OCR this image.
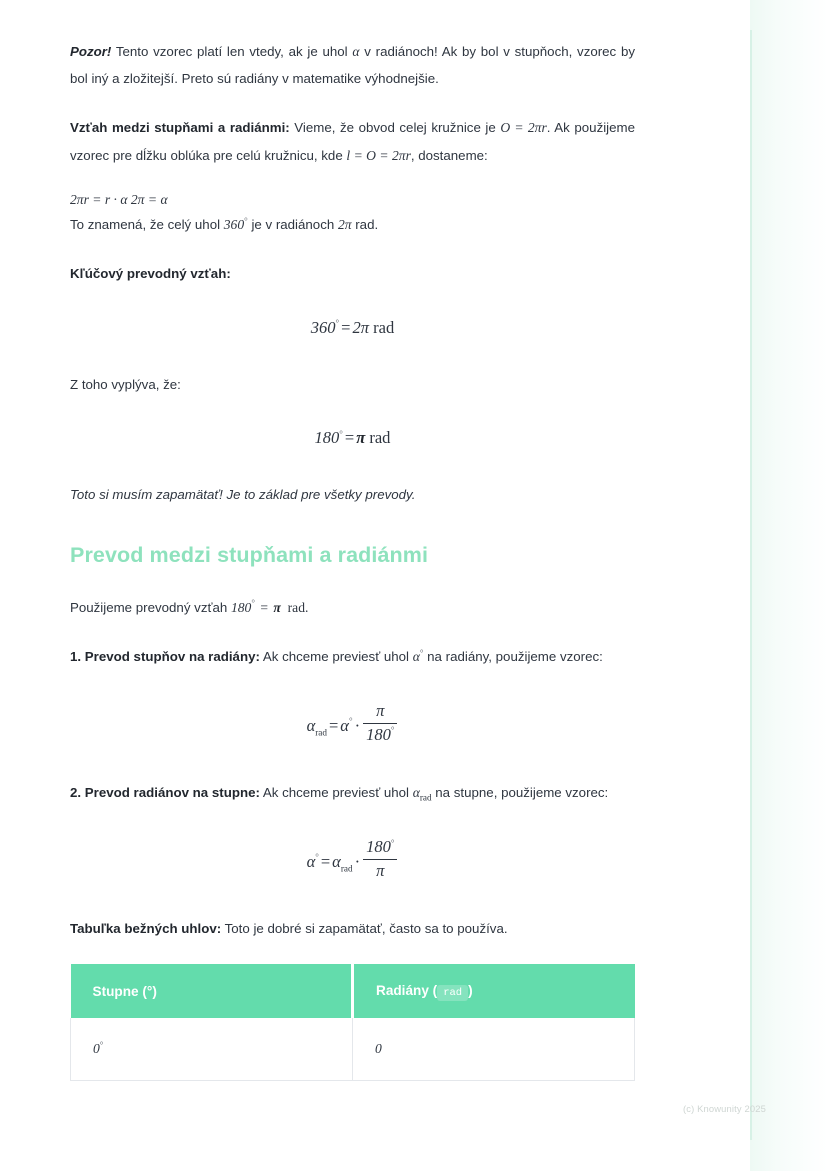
Pozor! Tento vzorec platí len vtedy, ak je uhol α v radiánoch! Ak by bol v stupňoch, vzorec by bol iný a zložitejší. Preto sú radiány v matematike výhodnejšie.

Vzťah medzi stupňami a radiánmi: Vieme, že obvod celej kružnice je O = 2πr. Ak použijeme vzorec pre dĺžku oblúka pre celú kružnicu, kde l = O = 2πr, dostaneme:

2πr = r · α 2π = α

To znamená, že celý uhol 360° je v radiánoch 2π rad.

Kľúčový prevodný vzťah:

360° = 2π rad

Z toho vyplýva, že:

180° = π rad

Toto si musím zapamätať! Je to základ pre všetky prevody.

Prevod medzi stupňami a radiánmi

Použijeme prevodný vzťah 180° = π  rad.

1. Prevod stupňov na radiány: Ak chceme previesť uhol α° na radiány, použijeme vzorec:

$\alpha_{rad} = \alpha^\circ \cdot \frac{\pi}{180^\circ}$

2. Prevod radiánov na stupne: Ak chceme previesť uhol $\alpha_{rad}$ na stupne, použijeme vzorec:

$\alpha^\circ = \alpha_{rad} \cdot \frac{180^\circ}{\pi}$

Tabuľka bežných uhlov: Toto je dobré si zapamätať, často sa to používa.

Stupne (°)	Radiány ( rad )
0°	0
(c) Knowunity 2025
